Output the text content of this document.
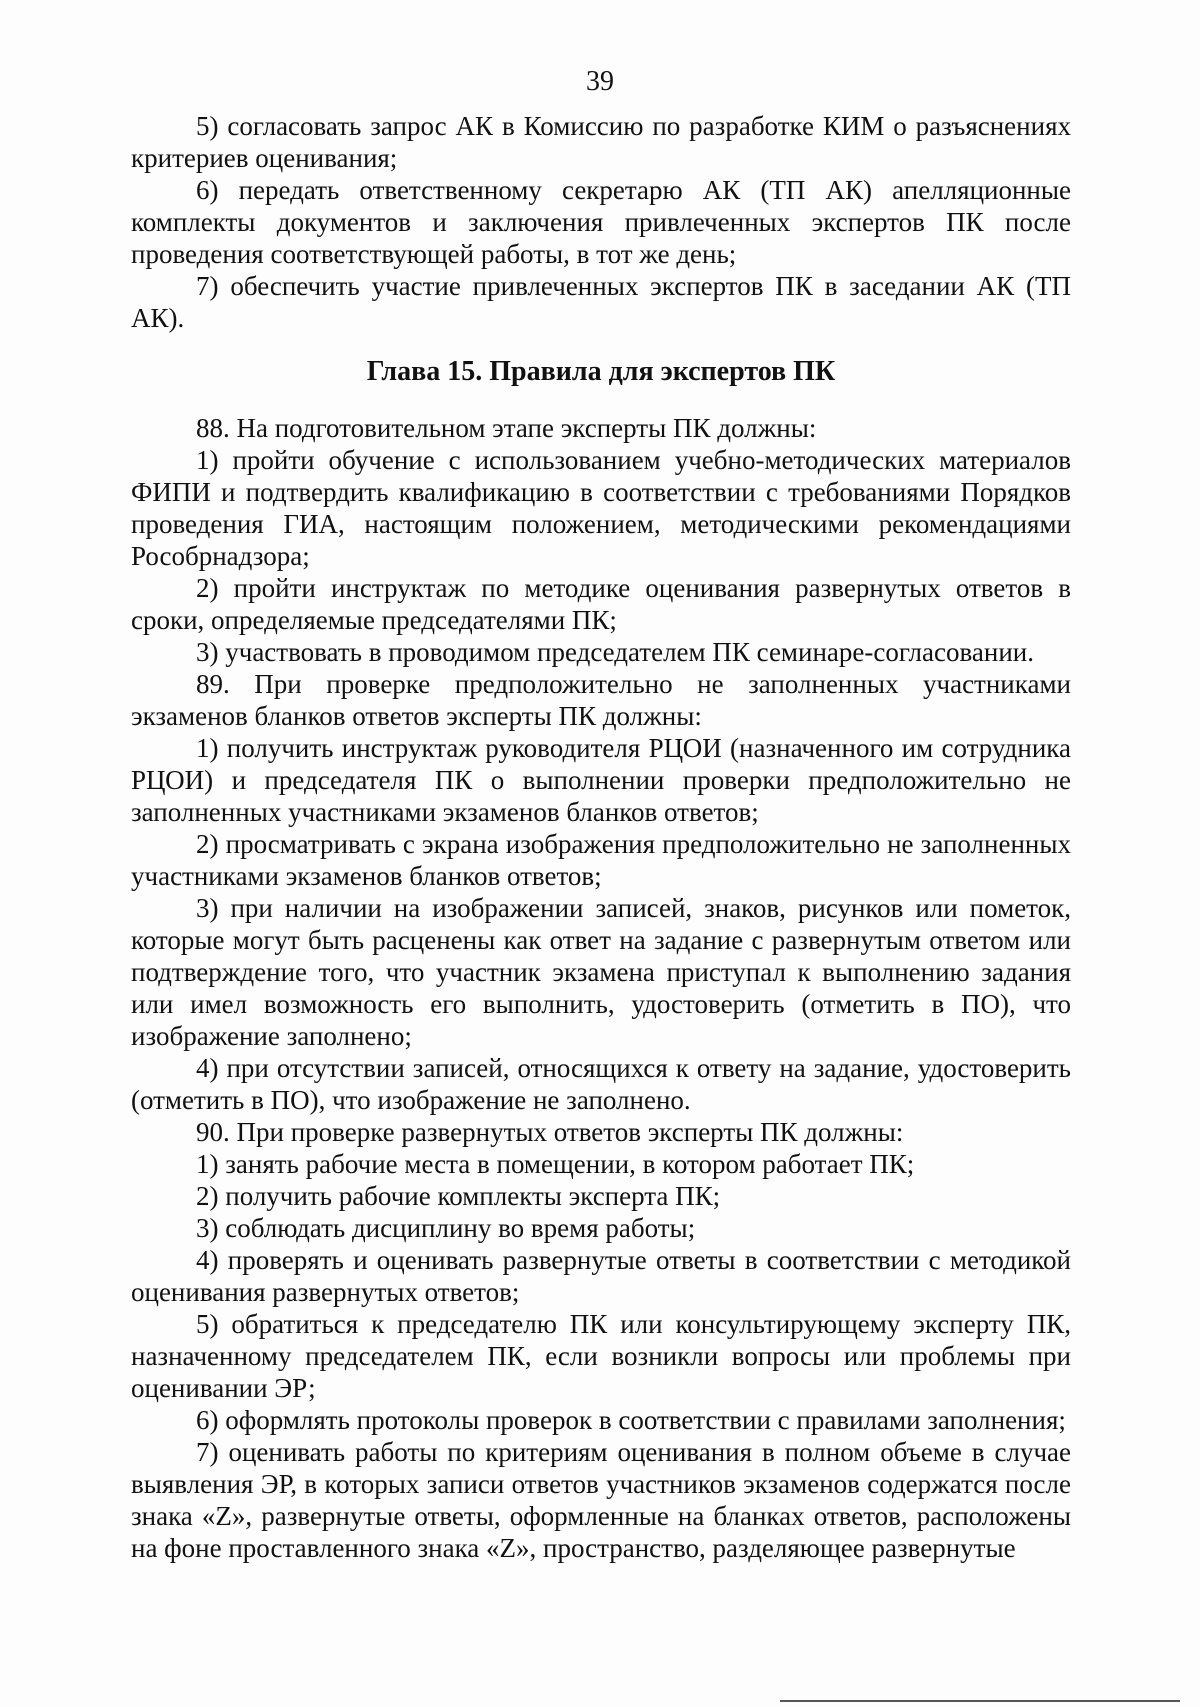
39

5) согласовать запрос АК в Комиссию по разработке КИМ о разъяснениях критериев оценивания;

6) передать ответственному секретарю АК (ТП АК) апелляционные комплекты документов и заключения привлеченных экспертов ПК после проведения соответствующей работы, в тот же день;

7) обеспечить участие привлеченных экспертов ПК в заседании АК (ТП АК).

Глава 15. Правила для экспертов ПК

88. На подготовительном этапе эксперты ПК должны:

1) пройти обучение с использованием учебно-методических материалов ФИПИ и подтвердить квалификацию в соответствии с требованиями Порядков проведения ГИА, настоящим положением, методическими рекомендациями Рособрнадзора;

2) пройти инструктаж по методике оценивания развернутых ответов в сроки, определяемые председателями ПК;

3) участвовать в проводимом председателем ПК семинаре-согласовании.

89. При проверке предположительно не заполненных участниками экзаменов бланков ответов эксперты ПК должны:

1) получить инструктаж руководителя РЦОИ (назначенного им сотрудника РЦОИ) и председателя ПК о выполнении проверки предположительно не заполненных участниками экзаменов бланков ответов;

2) просматривать с экрана изображения предположительно не заполненных участниками экзаменов бланков ответов;

3) при наличии на изображении записей, знаков, рисунков или пометок, которые могут быть расценены как ответ на задание с развернутым ответом или подтверждение того, что участник экзамена приступал к выполнению задания или имел возможность его выполнить, удостоверить (отметить в ПО), что изображение заполнено;

4) при отсутствии записей, относящихся к ответу на задание, удостоверить (отметить в ПО), что изображение не заполнено.

90. При проверке развернутых ответов эксперты ПК должны:

1) занять рабочие места в помещении, в котором работает ПК;

2) получить рабочие комплекты эксперта ПК;

3) соблюдать дисциплину во время работы;

4) проверять и оценивать развернутые ответы в соответствии с методикой оценивания развернутых ответов;

5) обратиться к председателю ПК или консультирующему эксперту ПК, назначенному председателем ПК, если возникли вопросы или проблемы при оценивании ЭР;

6) оформлять протоколы проверок в соответствии с правилами заполнения;

7) оценивать работы по критериям оценивания в полном объеме в случае выявления ЭР, в которых записи ответов участников экзаменов содержатся после знака «Z», развернутые ответы, оформленные на бланках ответов, расположены на фоне проставленного знака «Z», пространство, разделяющее развернутые
